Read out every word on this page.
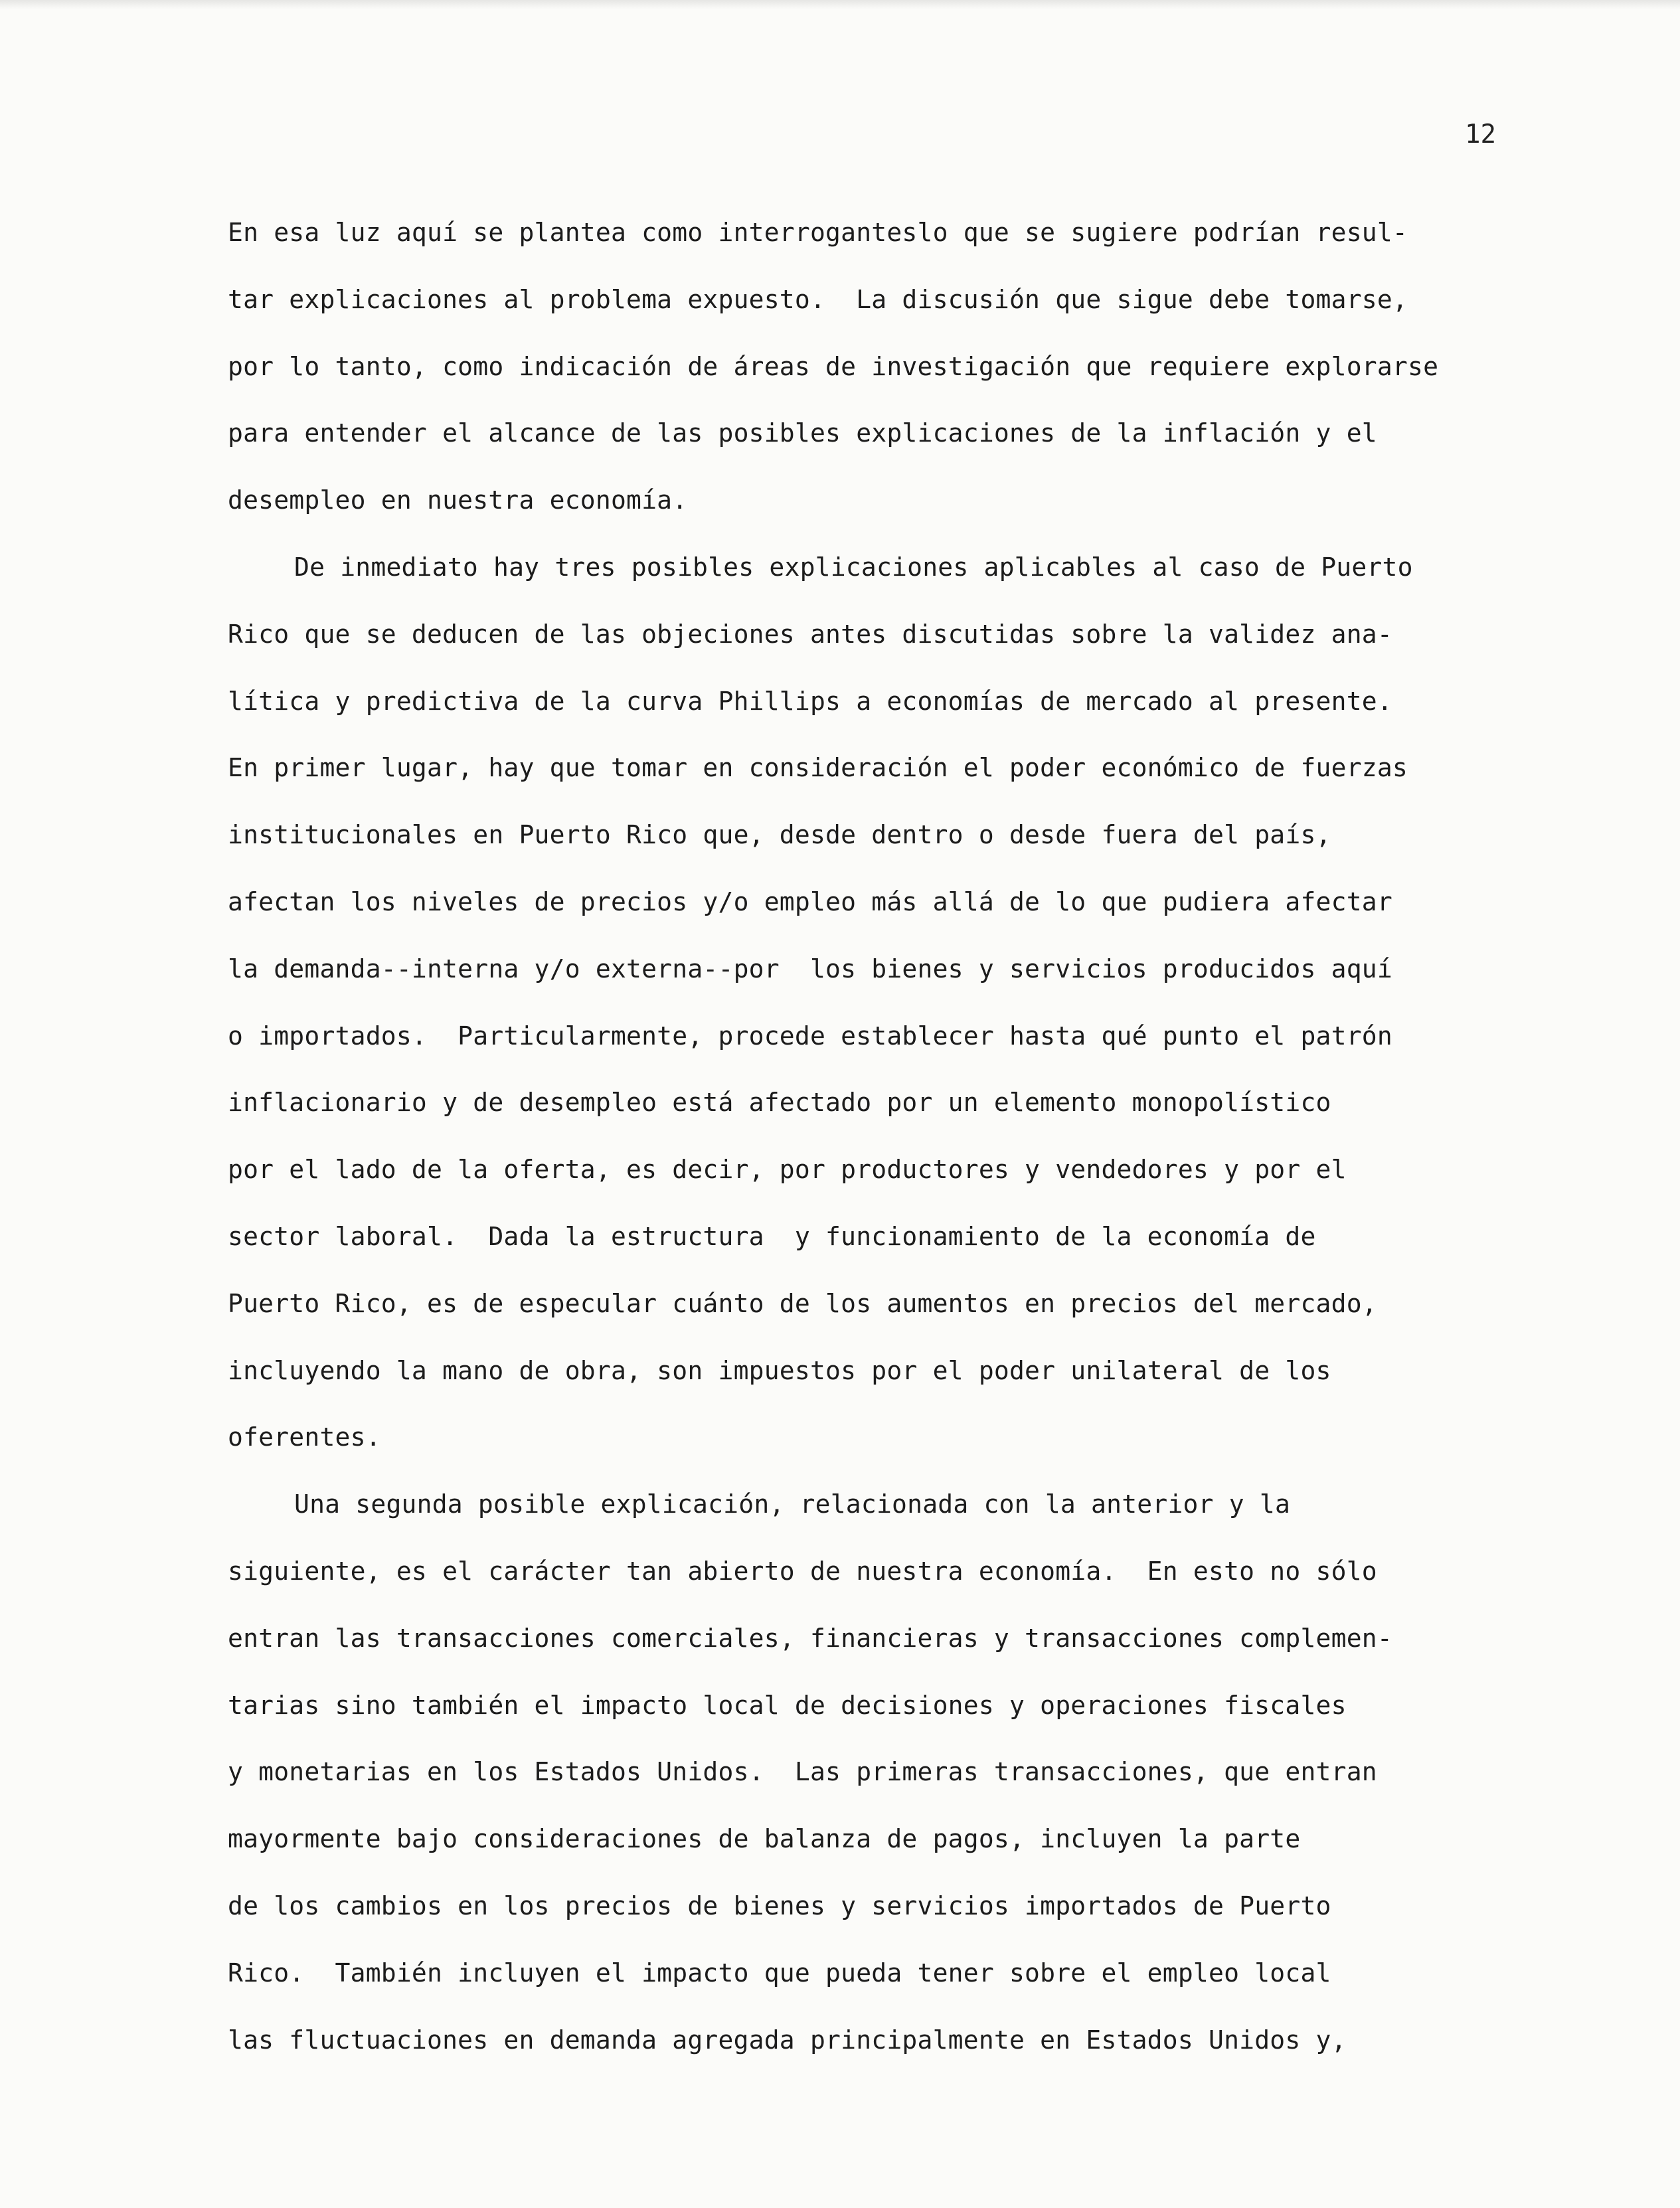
12
En esa luz aquí se plantea como interroganteslo que se sugiere podrían resul-
tar explicaciones al problema expuesto.  La discusión que sigue debe tomarse,
por lo tanto, como indicación de áreas de investigación que requiere explorarse
para entender el alcance de las posibles explicaciones de la inflación y el
desempleo en nuestra economía.
De inmediato hay tres posibles explicaciones aplicables al caso de Puerto
Rico que se deducen de las objeciones antes discutidas sobre la validez ana-
lítica y predictiva de la curva Phillips a economías de mercado al presente.
En primer lugar, hay que tomar en consideración el poder económico de fuerzas
institucionales en Puerto Rico que, desde dentro o desde fuera del país,
afectan los niveles de precios y/o empleo más allá de lo que pudiera afectar
la demanda--interna y/o externa--por  los bienes y servicios producidos aquí
o importados.  Particularmente, procede establecer hasta qué punto el patrón
inflacionario y de desempleo está afectado por un elemento monopolístico
por el lado de la oferta, es decir, por productores y vendedores y por el
sector laboral.  Dada la estructura  y funcionamiento de la economía de
Puerto Rico, es de especular cuánto de los aumentos en precios del mercado,
incluyendo la mano de obra, son impuestos por el poder unilateral de los
oferentes.
Una segunda posible explicación, relacionada con la anterior y la
siguiente, es el carácter tan abierto de nuestra economía.  En esto no sólo
entran las transacciones comerciales, financieras y transacciones complemen-
tarias sino también el impacto local de decisiones y operaciones fiscales
y monetarias en los Estados Unidos.  Las primeras transacciones, que entran
mayormente bajo consideraciones de balanza de pagos, incluyen la parte
de los cambios en los precios de bienes y servicios importados de Puerto
Rico.  También incluyen el impacto que pueda tener sobre el empleo local
las fluctuaciones en demanda agregada principalmente en Estados Unidos y,
